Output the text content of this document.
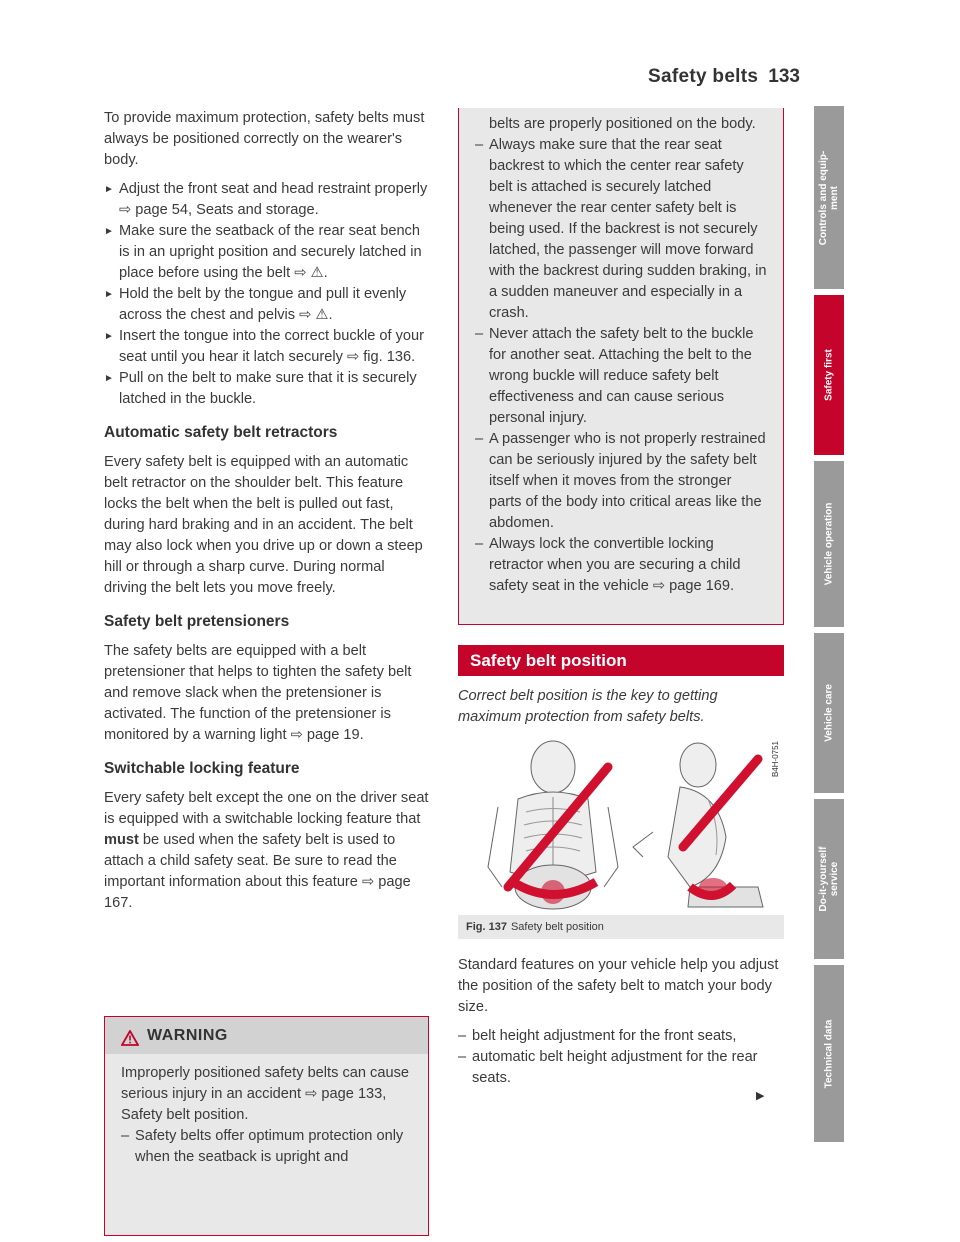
Safety belts 133

To provide maximum protection, safety belts must always be positioned correctly on the wearer's body.

► Adjust the front seat and head restraint properly ⇨ page 54, Seats and storage.
► Make sure the seatback of the rear seat bench is in an upright position and securely latched in place before using the belt ⇨ ⚠.
► Hold the belt by the tongue and pull it evenly across the chest and pelvis ⇨ ⚠.
► Insert the tongue into the correct buckle of your seat until you hear it latch securely ⇨ fig. 136.
► Pull on the belt to make sure that it is securely latched in the buckle.
Automatic safety belt retractors

Every safety belt is equipped with an automatic belt retractor on the shoulder belt. This feature locks the belt when the belt is pulled out fast, during hard braking and in an accident. The belt may also lock when you drive up or down a steep hill or through a sharp curve. During normal driving the belt lets you move freely.

Safety belt pretensioners

The safety belts are equipped with a belt pretensioner that helps to tighten the safety belt and remove slack when the pretensioner is activated. The function of the pretensioner is monitored by a warning light ⇨ page 19.

Switchable locking feature

Every safety belt except the one on the driver seat is equipped with a switchable locking feature that must be used when the safety belt is used to attach a child safety seat. Be sure to read the important information about this feature ⇨ page 167.

WARNING
Improperly positioned safety belts can cause serious injury in an accident ⇨ page 133, Safety belt position.
– Safety belts offer optimum protection only when the seatback is upright and
belts are properly positioned on the body.
– Always make sure that the rear seat backrest to which the center rear safety belt is attached is securely latched whenever the rear center safety belt is being used. If the backrest is not securely latched, the passenger will move forward with the backrest during sudden braking, in a sudden maneuver and especially in a crash.
– Never attach the safety belt to the buckle for another seat. Attaching the belt to the wrong buckle will reduce safety belt effectiveness and can cause serious personal injury.
– A passenger who is not properly restrained can be seriously injured by the safety belt itself when it moves from the stronger parts of the body into critical areas like the abdomen.
– Always lock the convertible locking retractor when you are securing a child safety seat in the vehicle ⇨ page 169.
Safety belt position
Correct belt position is the key to getting maximum protection from safety belts.
B4H-0751
Fig. 137 Safety belt position

Standard features on your vehicle help you adjust the position of the safety belt to match your body size.

– belt height adjustment for the front seats,
– automatic belt height adjustment for the rear seats.
▶
Controls and equip-
ment
Safety first
Vehicle operation
Vehicle care
Do-it-yourself
service
Technical data
